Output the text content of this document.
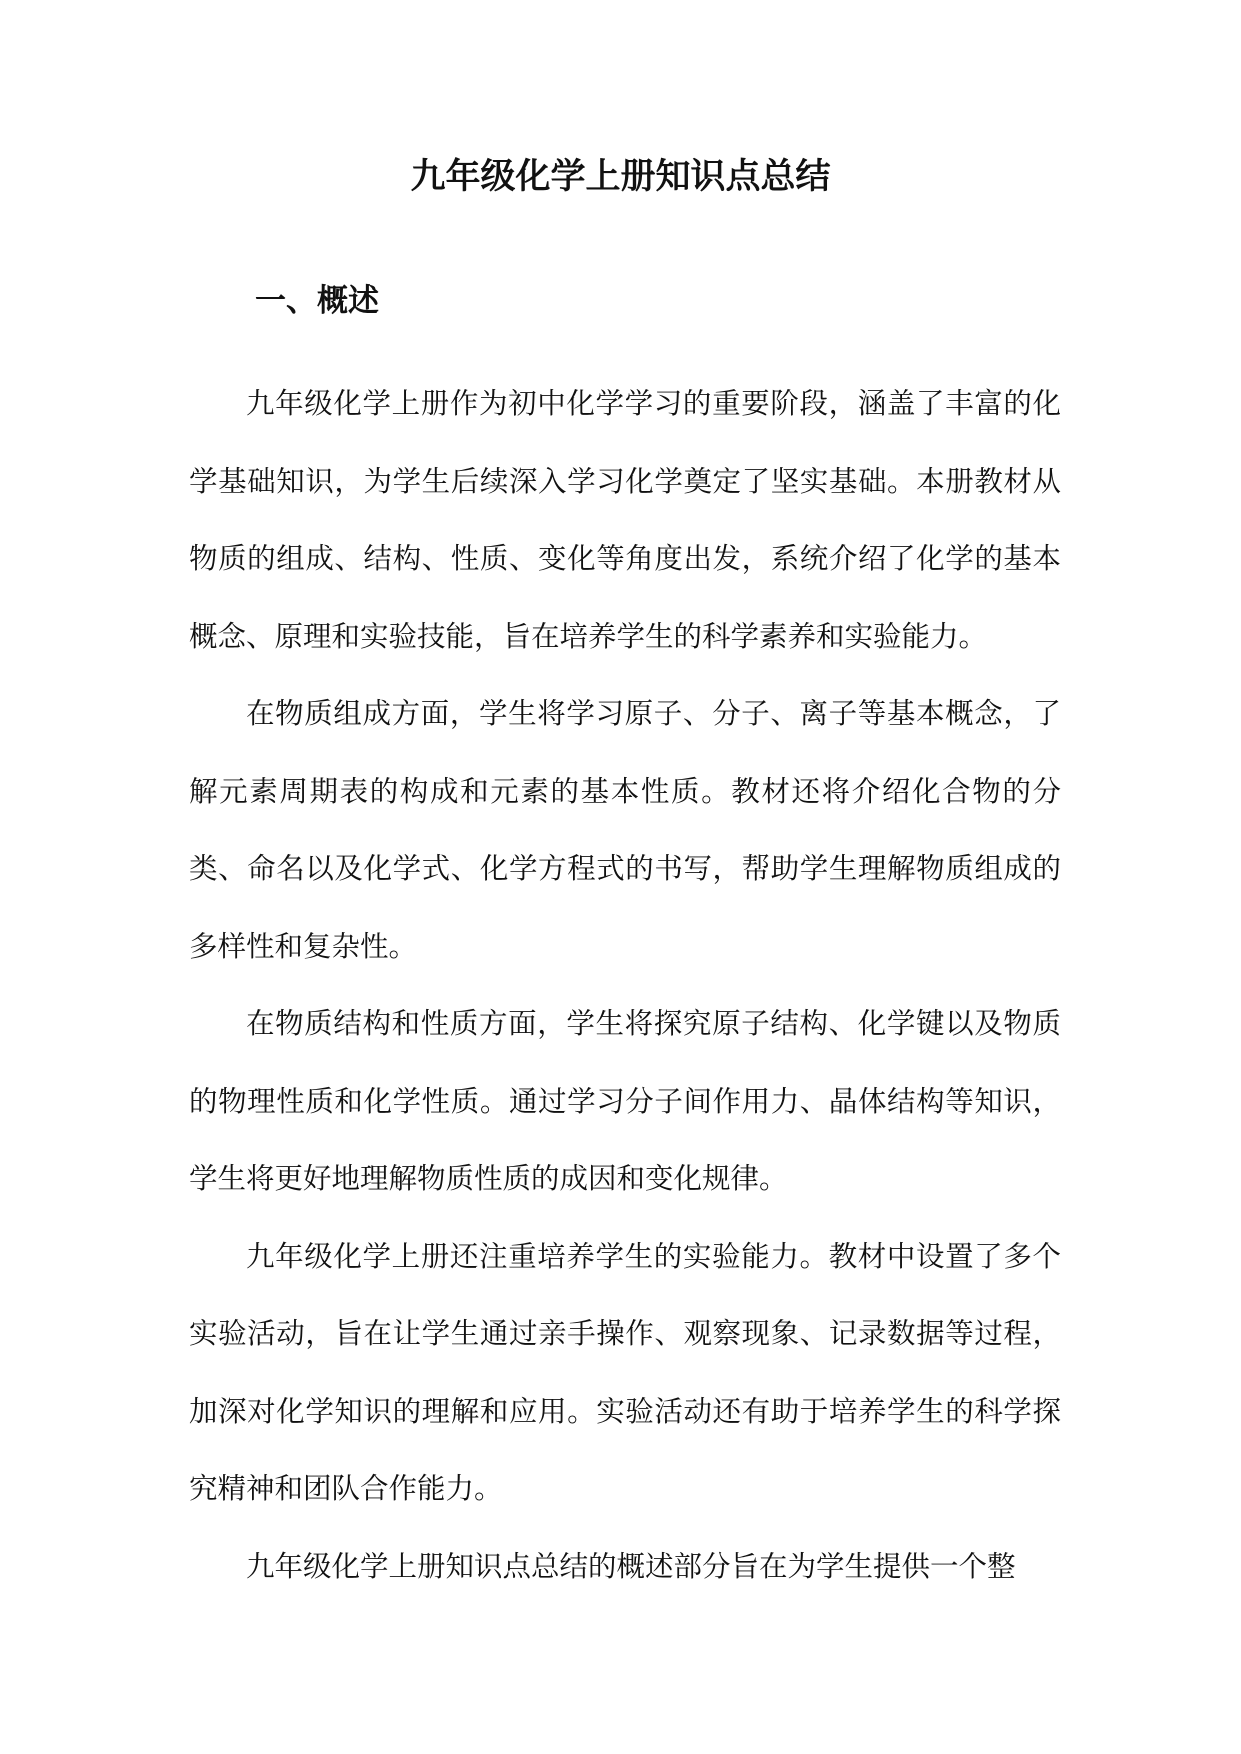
九年级化学上册知识点总结
一、概述

九年级化学上册作为初中化学学习的重要阶段，涵盖了丰富的化学基础知识，为学生后续深入学习化学奠定了坚实基础。本册教材从物质的组成、结构、性质、变化等角度出发，系统介绍了化学的基本概念、原理和实验技能，旨在培养学生的科学素养和实验能力。

在物质组成方面，学生将学习原子、分子、离子等基本概念，了解元素周期表的构成和元素的基本性质。教材还将介绍化合物的分类、命名以及化学式、化学方程式的书写，帮助学生理解物质组成的多样性和复杂性。

在物质结构和性质方面，学生将探究原子结构、化学键以及物质的物理性质和化学性质。通过学习分子间作用力、晶体结构等知识，学生将更好地理解物质性质的成因和变化规律。

九年级化学上册还注重培养学生的实验能力。教材中设置了多个实验活动，旨在让学生通过亲手操作、观察现象、记录数据等过程，加深对化学知识的理解和应用。实验活动还有助于培养学生的科学探究精神和团队合作能力。

九年级化学上册知识点总结的概述部分旨在为学生提供一个整
